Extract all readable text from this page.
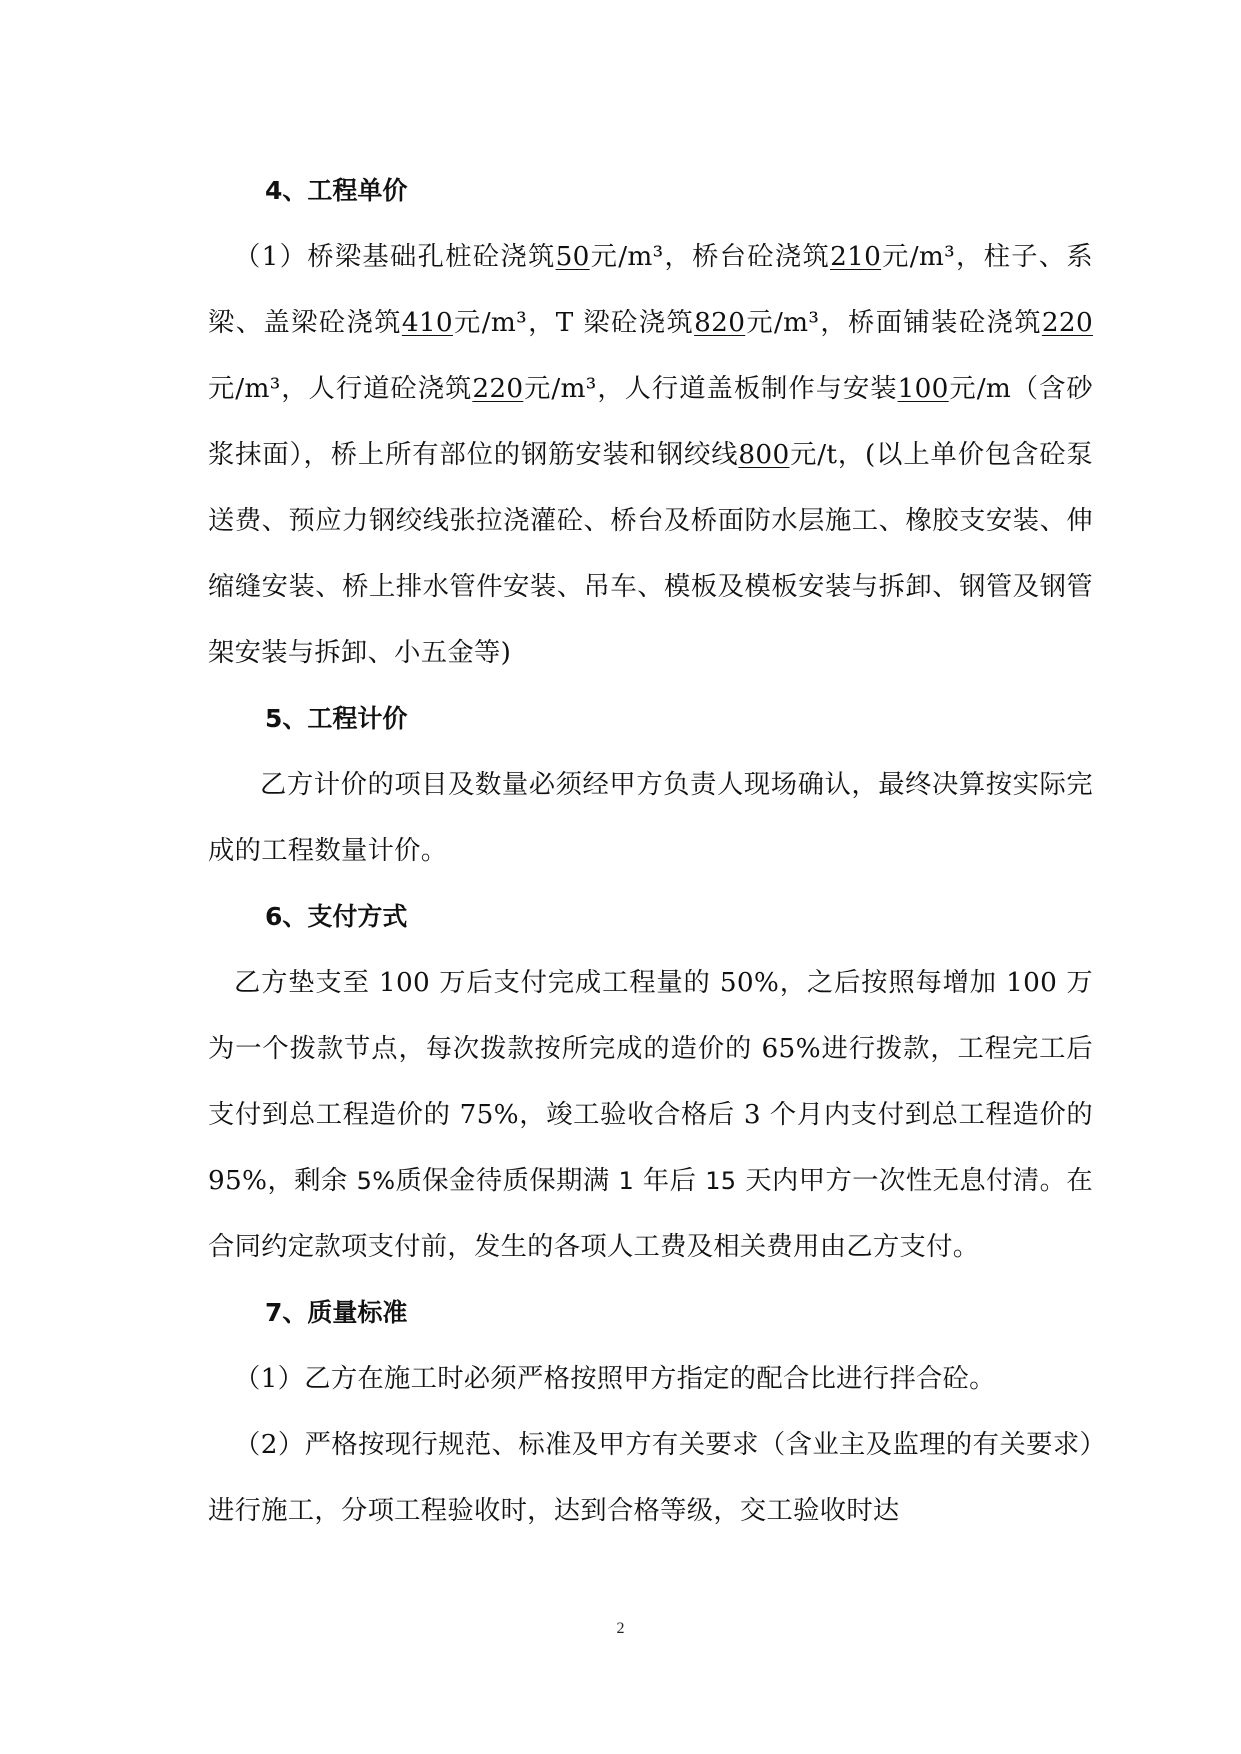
4、工程单价

（1）桥梁基础孔桩砼浇筑50元/m³，桥台砼浇筑210元/m³，柱子、系梁、盖梁砼浇筑410元/m³，T 梁砼浇筑820元/m³，桥面铺装砼浇筑220元/m³，人行道砼浇筑220元/m³，人行道盖板制作与安装100元/m（含砂浆抹面），桥上所有部位的钢筋安装和钢绞线800元/t，(以上单价包含砼泵送费、预应力钢绞线张拉浇灌砼、桥台及桥面防水层施工、橡胶支安装、伸缩缝安装、桥上排水管件安装、吊车、模板及模板安装与拆卸、钢管及钢管架安装与拆卸、小五金等)

5、工程计价

乙方计价的项目及数量必须经甲方负责人现场确认，最终决算按实际完成的工程数量计价。

6、支付方式

乙方垫支至 100 万后支付完成工程量的 50%，之后按照每增加 100 万为一个拨款节点，每次拨款按所完成的造价的 65%进行拨款，工程完工后支付到总工程造价的 75%，竣工验收合格后 3 个月内支付到总工程造价的 95%，剩余 5%质保金待质保期满 1 年后 15 天内甲方一次性无息付清。在合同约定款项支付前，发生的各项人工费及相关费用由乙方支付。

7、质量标准

（1）乙方在施工时必须严格按照甲方指定的配合比进行拌合砼。

（2）严格按现行规范、标准及甲方有关要求（含业主及监理的有关要求）进行施工，分项工程验收时，达到合格等级，交工验收时达

2
